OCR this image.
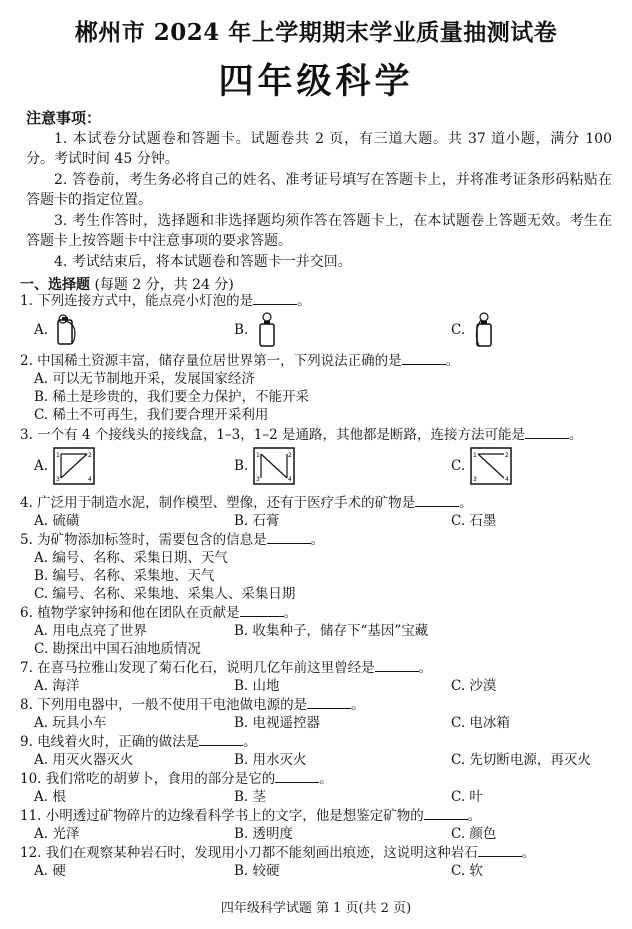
郴州市 2024 年上学期期末学业质量抽测试卷
四年级科学
注意事项：
1. 本试卷分试题卷和答题卡。试题卷共 2 页，有三道大题。共 37 道小题，满分 100 分。考试时间 45 分钟。
2. 答卷前，考生务必将自己的姓名、准考证号填写在答题卡上，并将准考证条形码粘贴在答题卡的指定位置。
3. 考生作答时，选择题和非选择题均须作答在答题卡上，在本试题卷上答题无效。考生在答题卡上按答题卡中注意事项的要求答题。
4. 考试结束后，将本试题卷和答题卡一并交回。
一、选择题 (每题 2 分，共 24 分)
1. 下列连接方式中，能点亮小灯泡的是	。
A.	B.	C.
2. 中国稀土资源丰富，储存量位居世界第一，下列说法正确的是	。
A. 可以无节制地开采，发展国家经济
B. 稀土是珍贵的，我们要全力保护，不能开采
C. 稀土不可再生，我们要合理开采利用
3. 一个有 4 个接线头的接线盒，1–3，1–2 是通路，其他都是断路，连接方法可能是	。
A.
1	2
3	4
B.
1	2
3	4
C.
1	2
3	4
4. 广泛用于制造水泥，制作模型、塑像，还有于医疗手术的矿物是	。
A. 硫磺	B. 石膏	C. 石墨
5. 为矿物添加标签时，需要包含的信息是	。
A. 编号、名称、采集日期、天气
B. 编号、名称、采集地、天气
C. 编号、名称、采集地、采集人、采集日期
6. 植物学家钟扬和他在团队在贡献是	。
A. 用电点亮了世界	B. 收集种子，储存下“基因”宝藏
C. 勘探出中国石油地质情况
7. 在喜马拉雅山发现了菊石化石，说明几亿年前这里曾经是	。
A. 海洋	B. 山地	C. 沙漠
8. 下列用电器中，一般不使用干电池做电源的是	。
A. 玩具小车	B. 电视遥控器	C. 电冰箱
9. 电线着火时，正确的做法是	。
A. 用灭火器灭火	B. 用水灭火	C. 先切断电源，再灭火
10. 我们常吃的胡萝卜，食用的部分是它的	。
A. 根	B. 茎	C. 叶
11. 小明透过矿物碎片的边缘看科学书上的文字，他是想鉴定矿物的	。
A. 光泽	B. 透明度	C. 颜色
12. 我们在观察某种岩石时，发现用小刀都不能刻画出痕迹，这说明这种岩石	。
A. 硬	B. 较硬	C. 软
四年级科学试题 第 1 页(共 2 页)
